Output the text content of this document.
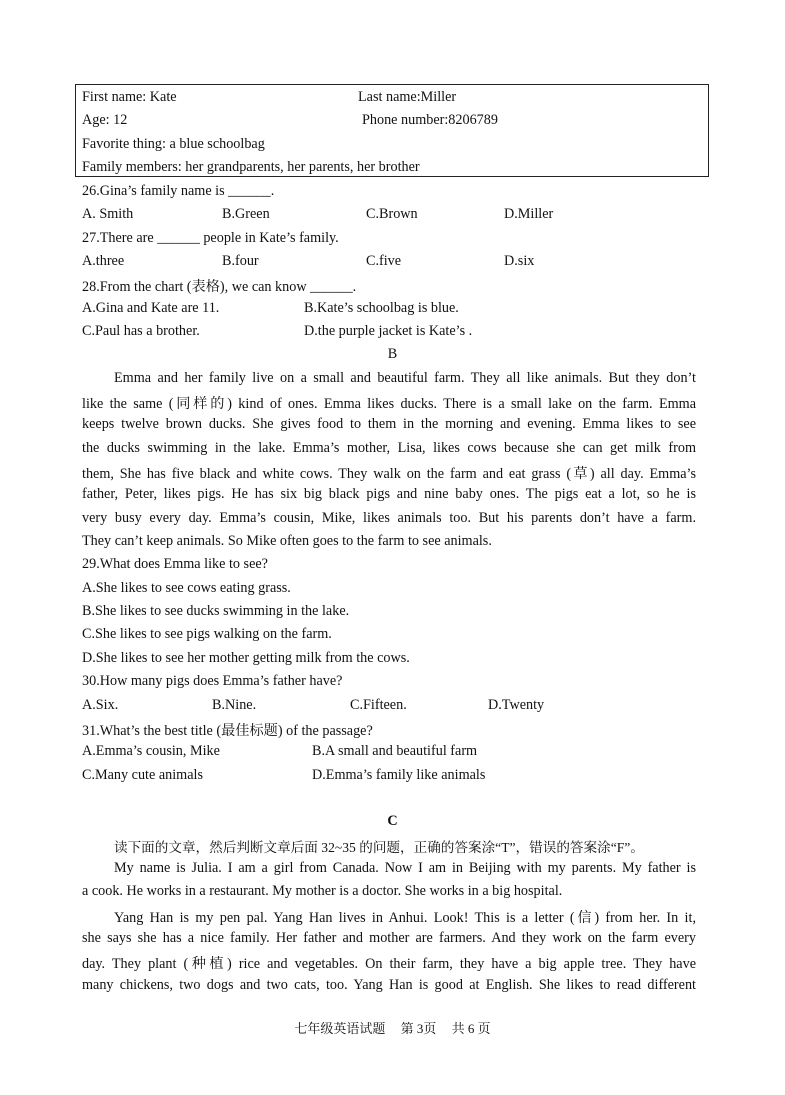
First name: Kate	Last name:Miller
Age: 12	Phone number:8206789
Favorite thing: a blue schoolbag
Family members: her grandparents, her parents, her brother
26.Gina’s family name is ______.
A. Smith	B.Green	C.Brown	D.Miller
27.There are ______ people in Kate’s family.
A.three	B.four	C.five	D.six
28.From the chart (表格), we can know ______.
A.Gina and Kate are 11.	B.Kate’s schoolbag is blue.
C.Paul has a brother.	D.the purple jacket is Kate’s .
B
Emma and her family live on a small and beautiful farm. They all like animals. But they don’t
like the same (同样的) kind of ones. Emma likes ducks. There is a small lake on the farm. Emma
keeps twelve brown ducks. She gives food to them in the morning and evening. Emma likes to see
the ducks swimming in the lake. Emma’s mother, Lisa, likes cows because she can get milk from
them, She has five black and white cows. They walk on the farm and eat grass (草) all day. Emma’s
father, Peter, likes pigs. He has six big black pigs and nine baby ones. The pigs eat a lot, so he is
very busy every day. Emma’s cousin, Mike, likes animals too. But his parents don’t have a farm.
They can’t keep animals. So Mike often goes to the farm to see animals.
29.What does Emma like to see?
A.She likes to see cows eating grass.
B.She likes to see ducks swimming in the lake.
C.She likes to see pigs walking on the farm.
D.She likes to see her mother getting milk from the cows.
30.How many pigs does Emma’s father have?
A.Six.	B.Nine.	C.Fifteen.	D.Twenty
31.What’s the best title (最佳标题) of the passage?
A.Emma’s cousin, Mike	B.A small and beautiful farm
C.Many cute animals	D.Emma’s family like animals
C
读下面的文章，然后判断文章后面 32~35 的问题，正确的答案涂“T”，错误的答案涂“F”。
My name is Julia. I am a girl from Canada. Now I am in Beijing with my parents. My father is
a cook. He works in a restaurant. My mother is a doctor. She works in a big hospital.
Yang Han is my pen pal. Yang Han lives in Anhui. Look! This is a letter (信) from her. In it,
she says she has a nice family. Her father and mother are farmers. And they work on the farm every
day. They plant (种植) rice and vegetables. On their farm, they have a big apple tree. They have
many chickens, two dogs and two cats, too. Yang Han is good at English. She likes to read different
七年级英语试题 第 3页 共 6 页
